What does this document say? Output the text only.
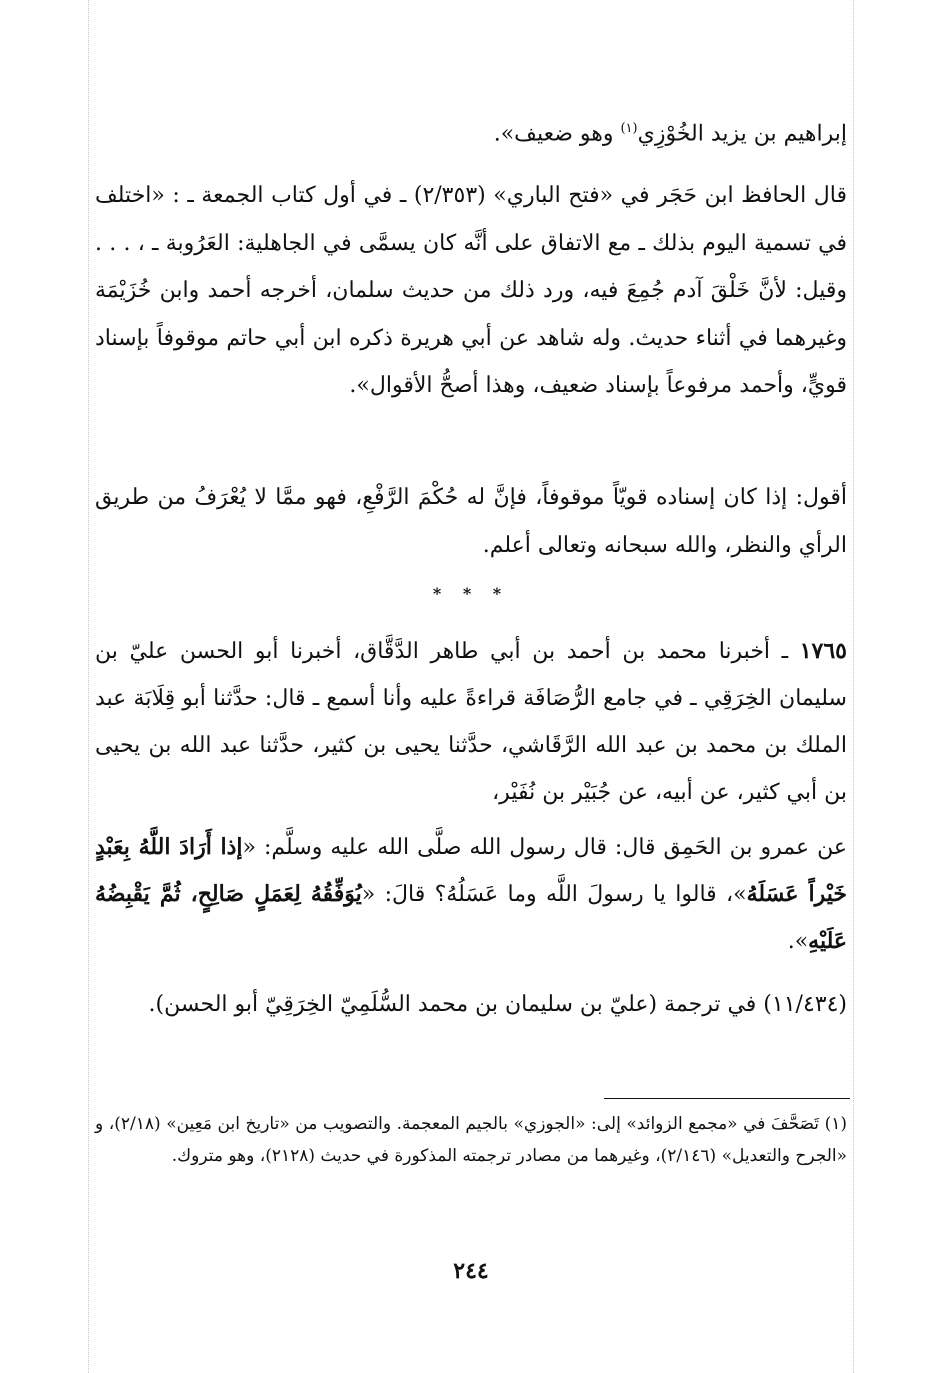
إبراهيم بن يزيد الخُوْزِي$^{(١)}$ وهو ضعيف».
قال الحافظ ابن حَجَر في «فتح الباري» (٢/٣٥٣) ـ في أول كتاب الجمعة ـ : «اختلف في تسمية اليوم بذلك ـ مع الاتفاق على أنَّه كان يسمَّى في الجاهلية: العَرُوبة ـ ، . . . وقيل: لأنَّ خَلْقَ آدم جُمِعَ فيه، ورد ذلك من حديث سلمان، أخرجه أحمد وابن خُزَيْمَة وغيرهما في أثناء حديث. وله شاهد عن أبي هريرة ذكره ابن أبي حاتم موقوفاً بإسناد قويٍّ، وأحمد مرفوعاً بإسناد ضعيف، وهذا أصحُّ الأقوال».
أقول: إذا كان إسناده قويّاً موقوفاً، فإنَّ له حُكْمَ الرَّفْعِ، فهو ممَّا لا يُعْرَفُ من طريق الرأي والنظر، والله سبحانه وتعالى أعلم.
* * *
١٧٦٥ ـ أخبرنا محمد بن أحمد بن أبي طاهر الدَّقَّاق، أخبرنا أبو الحسن عليّ بن سليمان الخِرَقِي ـ في جامع الرُّصَافَة قراءةً عليه وأنا أسمع ـ قال: حدَّثنا أبو قِلَابَة عبد الملك بن محمد بن عبد الله الرَّقَاشي، حدَّثنا يحيى بن كثير، حدَّثنا عبد الله بن يحيى بن أبي كثير، عن أبيه، عن جُبَيْر بن نُفَيْر،
عن عمرو بن الحَمِق قال: قال رسول الله صلَّى الله عليه وسلَّم: «إذا أَرَادَ اللَّهُ بِعَبْدٍ خَيْراً عَسَلَهُ»، قالوا يا رسولَ اللَّه وما عَسَلُهُ؟ قالَ: «يُوَفِّقُهُ لِعَمَلٍ صَالِحٍ، ثُمَّ يَقْبِضُهُ عَلَيْهِ».
(١١/٤٣٤) في ترجمة (عليّ بن سليمان بن محمد السُّلَمِيّ الخِرَقِيّ أبو الحسن).
(١) تَصَحَّفَ في «مجمع الزوائد» إلى: «الجوزي» بالجيم المعجمة. والتصويب من «تاريخ ابن مَعِين» (٢/١٨)، و «الجرح والتعديل» (٢/١٤٦)، وغيرهما من مصادر ترجمته المذكورة في حديث (٢١٢٨)، وهو متروك.
٢٤٤
